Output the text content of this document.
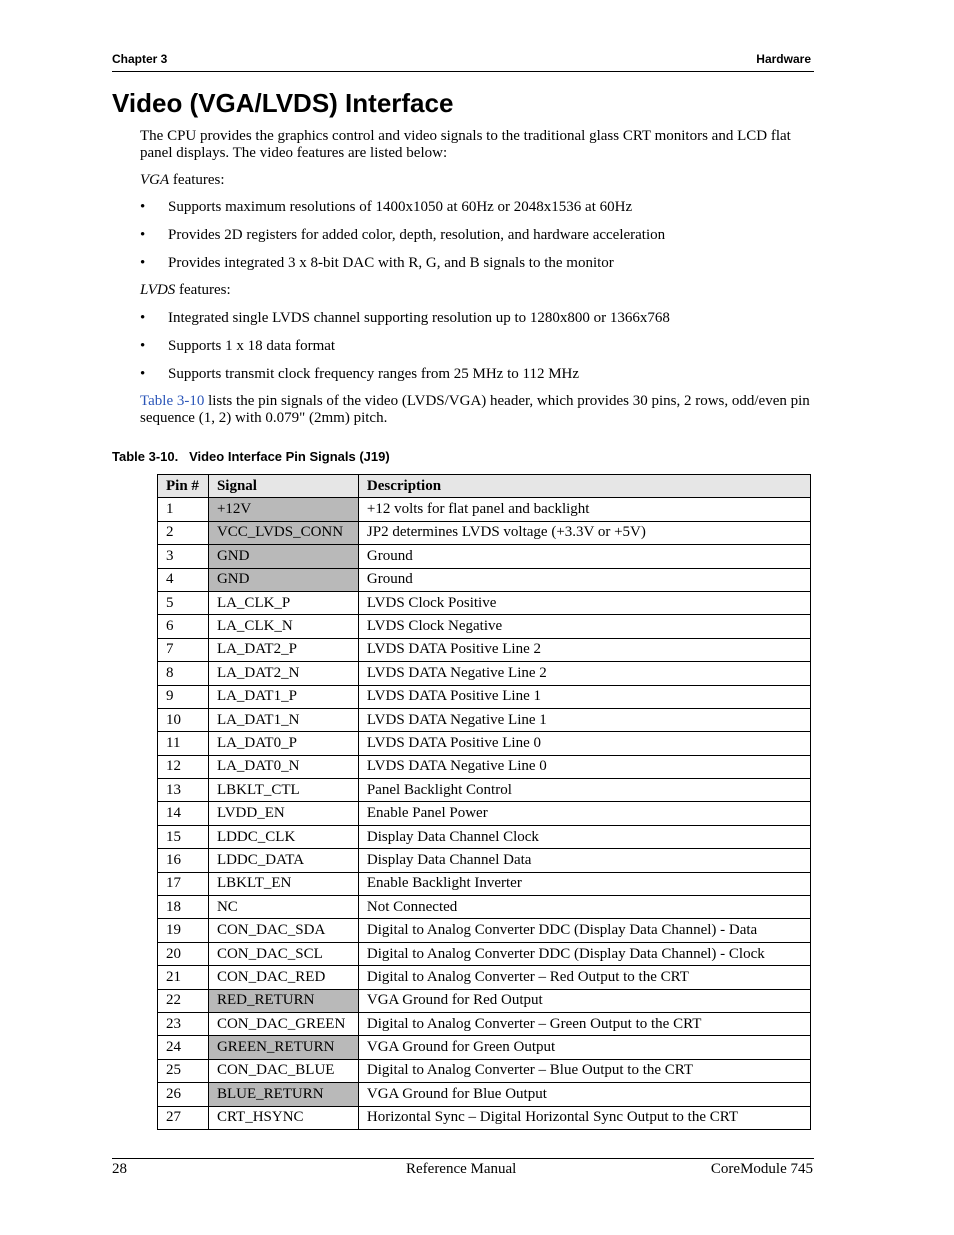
Chapter 3	Hardware
Video (VGA/LVDS) Interface

The CPU provides the graphics control and video signals to the traditional glass CRT monitors and LCD flat panel displays. The video features are listed below:

VGA features:

• Supports maximum resolutions of 1400x1050 at 60Hz or 2048x1536 at 60Hz
• Provides 2D registers for added color, depth, resolution, and hardware acceleration
• Provides integrated 3 x 8-bit DAC with R, G, and B signals to the monitor

LVDS features:

• Integrated single LVDS channel supporting resolution up to 1280x800 or 1366x768
• Supports 1 x 18 data format
• Supports transmit clock frequency ranges from 25 MHz to 112 MHz

Table 3-10 lists the pin signals of the video (LVDS/VGA) header, which provides 30 pins, 2 rows, odd/even pin sequence (1, 2) with 0.079" (2mm) pitch.

Table 3-10.   Video Interface Pin Signals (J19)
Pin #	Signal	Description
1	+12V	+12 volts for flat panel and backlight
2	VCC_LVDS_CONN	JP2 determines LVDS voltage (+3.3V or +5V)
3	GND	Ground
4	GND	Ground
5	LA_CLK_P	LVDS Clock Positive
6	LA_CLK_N	LVDS Clock Negative
7	LA_DAT2_P	LVDS DATA Positive Line 2
8	LA_DAT2_N	LVDS DATA Negative Line 2
9	LA_DAT1_P	LVDS DATA Positive Line 1
10	LA_DAT1_N	LVDS DATA Negative Line 1
11	LA_DAT0_P	LVDS DATA Positive Line 0
12	LA_DAT0_N	LVDS DATA Negative Line 0
13	LBKLT_CTL	Panel Backlight Control
14	LVDD_EN	Enable Panel Power
15	LDDC_CLK	Display Data Channel Clock
16	LDDC_DATA	Display Data Channel Data
17	LBKLT_EN	Enable Backlight Inverter
18	NC	Not Connected
19	CON_DAC_SDA	Digital to Analog Converter DDC (Display Data Channel) - Data
20	CON_DAC_SCL	Digital to Analog Converter DDC (Display Data Channel) - Clock
21	CON_DAC_RED	Digital to Analog Converter – Red Output to the CRT
22	RED_RETURN	VGA Ground for Red Output
23	CON_DAC_GREEN	Digital to Analog Converter – Green Output to the CRT
24	GREEN_RETURN	VGA Ground for Green Output
25	CON_DAC_BLUE	Digital to Analog Converter – Blue Output to the CRT
26	BLUE_RETURN	VGA Ground for Blue Output
27	CRT_HSYNC	Horizontal Sync – Digital Horizontal Sync Output to the CRT
28	Reference Manual	CoreModule 745
